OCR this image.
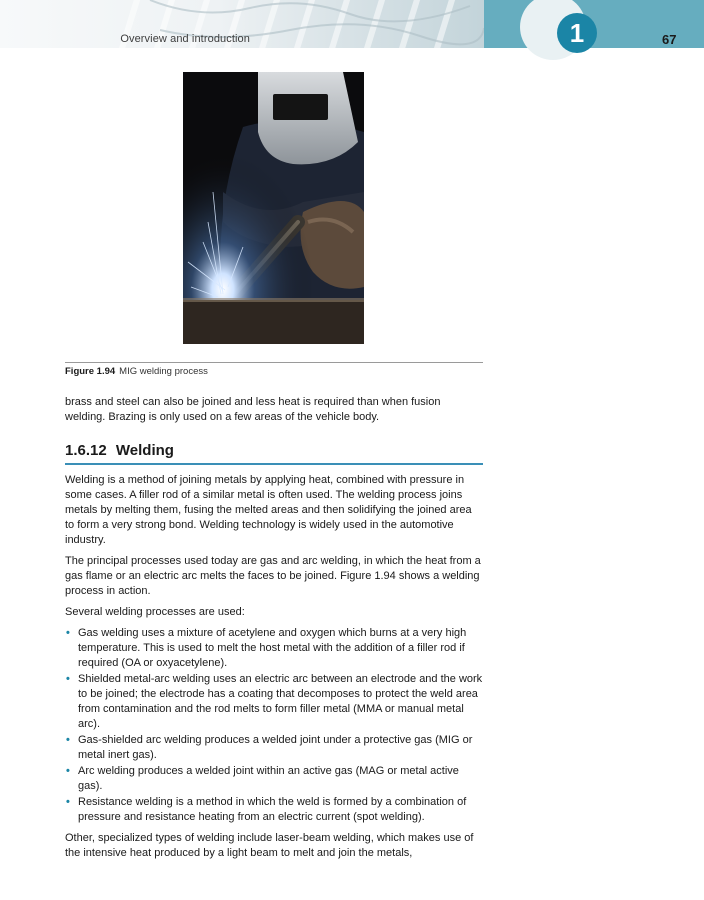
Overview and introduction	1	67
Figure 1.94 MIG welding process

brass and steel can also be joined and less heat is required than when fusion welding. Brazing is only used on a few areas of the vehicle body.

1.6.12 Welding

Welding is a method of joining metals by applying heat, combined with pressure in some cases. A filler rod of a similar metal is often used. The welding process joins metals by melting them, fusing the melted areas and then solidifying the joined area to form a very strong bond. Welding technology is widely used in the automotive industry.

The principal processes used today are gas and arc welding, in which the heat from a gas flame or an electric arc melts the faces to be joined. Figure 1.94 shows a welding process in action.

Several welding processes are used:

• Gas welding uses a mixture of acetylene and oxygen which burns at a very high temperature. This is used to melt the host metal with the addition of a filler rod if required (OA or oxyacetylene).
• Shielded metal-arc welding uses an electric arc between an electrode and the work to be joined; the electrode has a coating that decomposes to protect the weld area from contamination and the rod melts to form filler metal (MMA or manual metal arc).
• Gas-shielded arc welding produces a welded joint under a protective gas (MIG or metal inert gas).
• Arc welding produces a welded joint within an active gas (MAG or metal active gas).
• Resistance welding is a method in which the weld is formed by a combination of pressure and resistance heating from an electric current (spot welding).

Other, specialized types of welding include laser-beam welding, which makes use of the intensive heat produced by a light beam to melt and join the metals,
